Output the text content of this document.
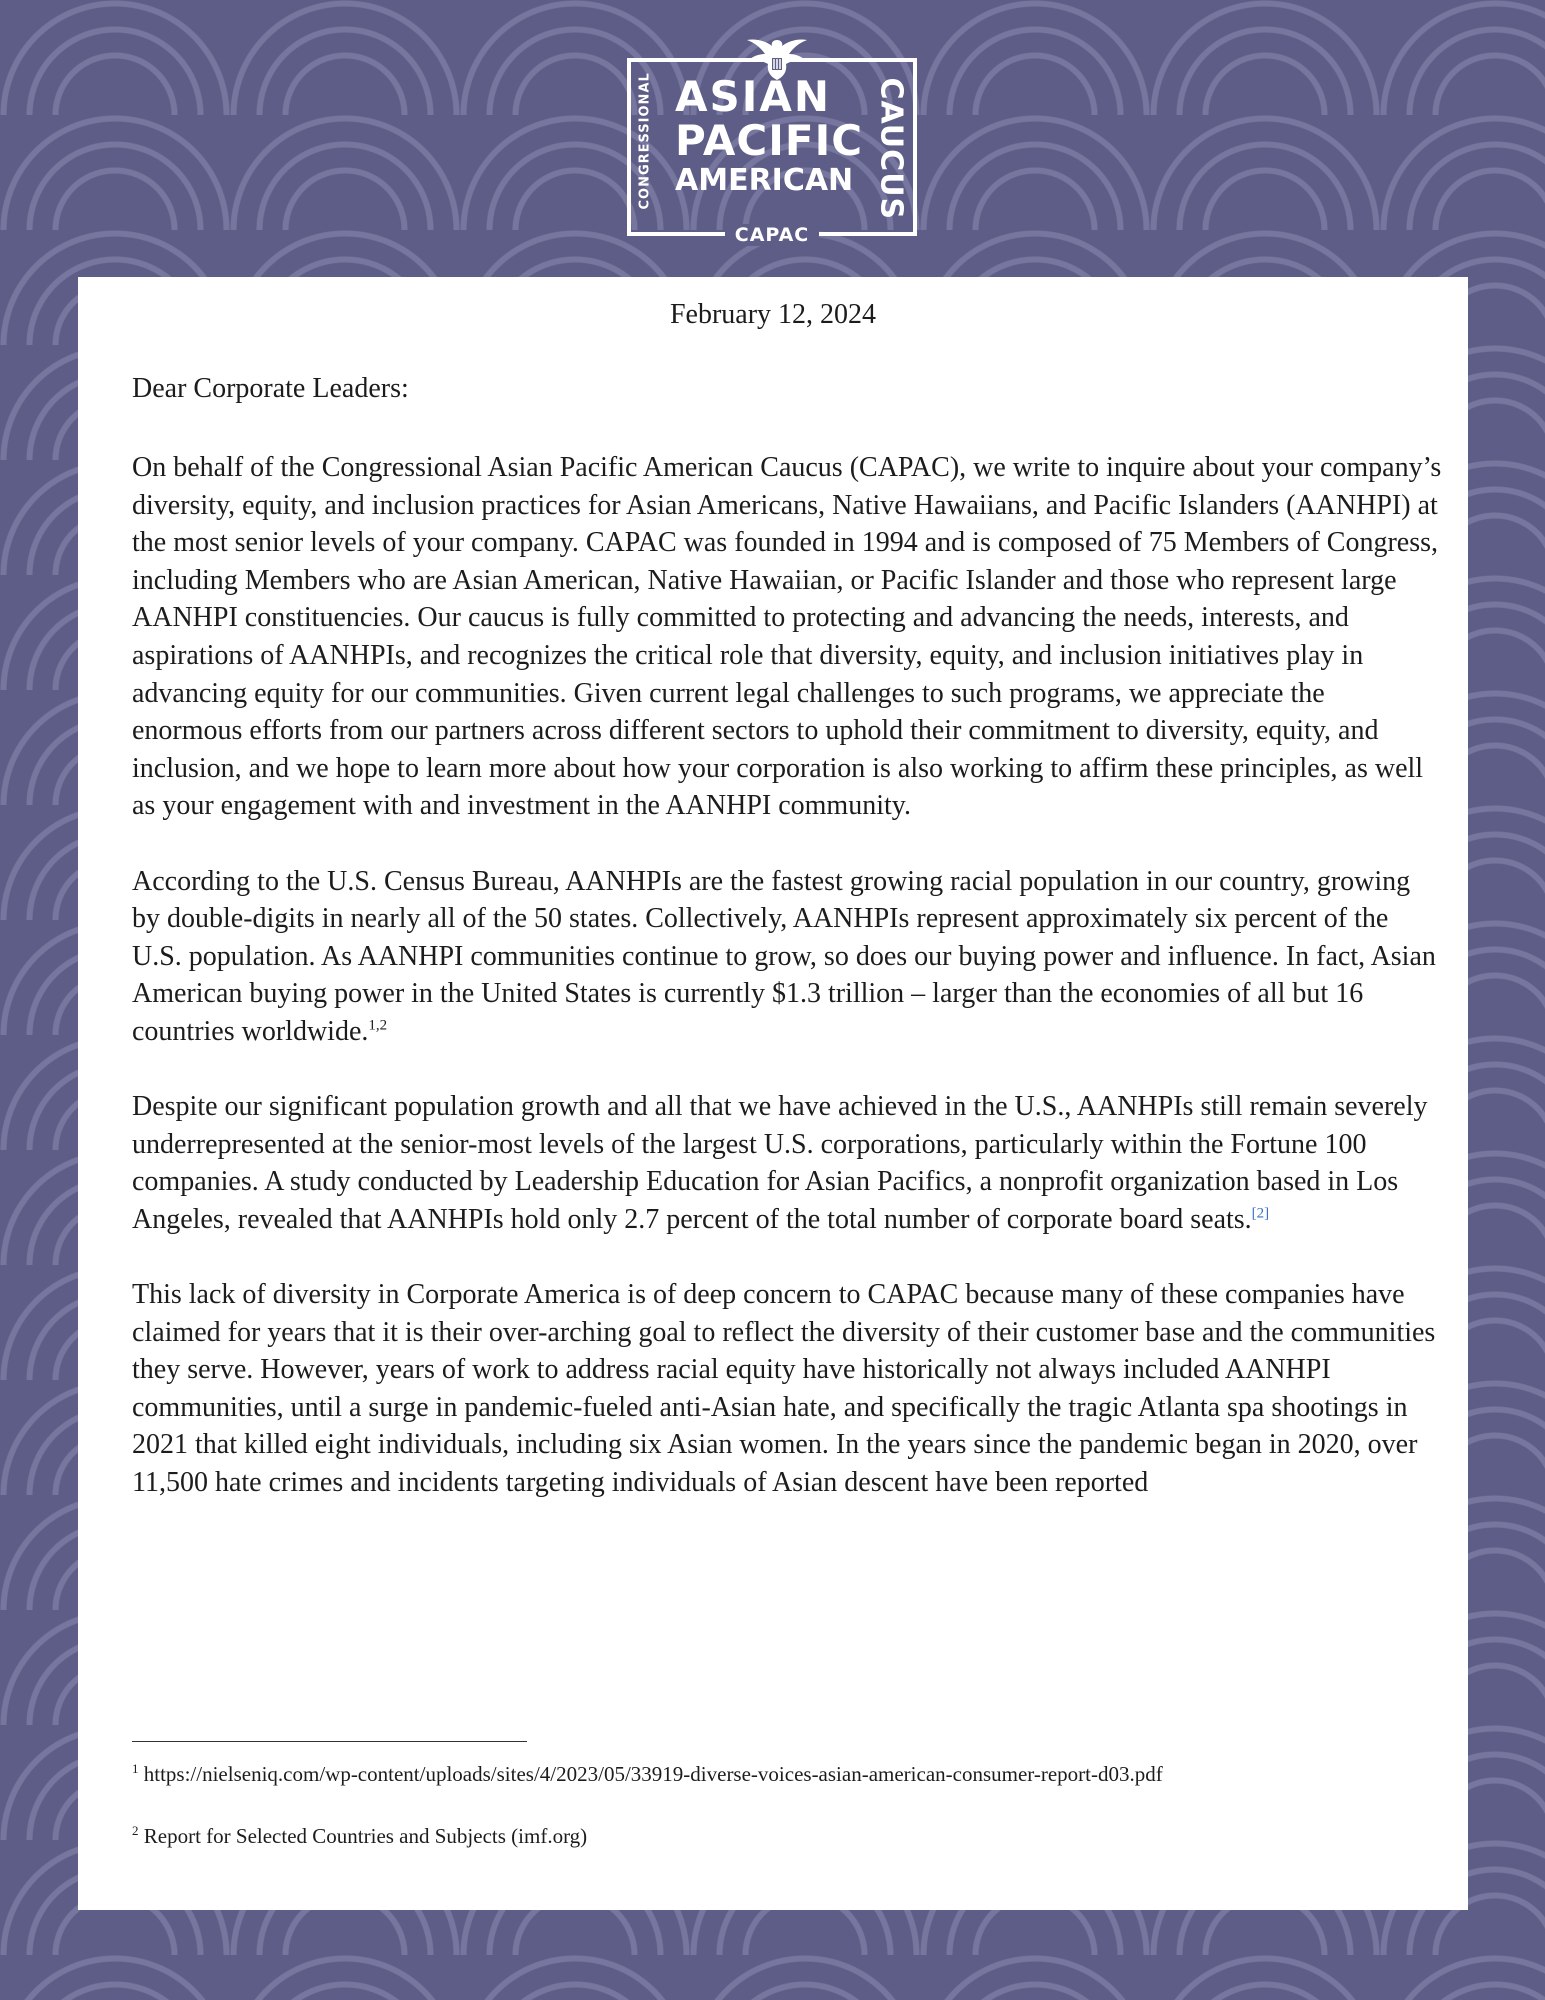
CONGRESSIONAL ASIAN
PACIFIC
AMERICAN CAUCUS
CAPAC
February 12, 2024
Dear Corporate Leaders:

On behalf of the Congressional Asian Pacific American Caucus (CAPAC), we write to inquire about your company’s diversity, equity, and inclusion practices for Asian Americans, Native Hawaiians, and Pacific Islanders (AANHPI) at the most senior levels of your company. CAPAC was founded in 1994 and is composed of 75 Members of Congress, including Members who are Asian American, Native Hawaiian, or Pacific Islander and those who represent large AANHPI constituencies. Our caucus is fully committed to protecting and advancing the needs, interests, and aspirations of AANHPIs, and recognizes the critical role that diversity, equity, and inclusion initiatives play in advancing equity for our communities. Given current legal challenges to such programs, we appreciate the enormous efforts from our partners across different sectors to uphold their commitment to diversity, equity, and inclusion, and we hope to learn more about how your corporation is also working to affirm these principles, as well as your engagement with and investment in the AANHPI community.

According to the U.S. Census Bureau, AANHPIs are the fastest growing racial population in our country, growing by double-digits in nearly all of the 50 states. Collectively, AANHPIs represent approximately six percent of the U.S. population. As AANHPI communities continue to grow, so does our buying power and influence. In fact, Asian American buying power in the United States is currently $1.3 trillion – larger than the economies of all but 16 countries worldwide.$^{1,2}$

Despite our significant population growth and all that we have achieved in the U.S., AANHPIs still remain severely underrepresented at the senior-most levels of the largest U.S. corporations, particularly within the Fortune 100 companies. A study conducted by Leadership Education for Asian Pacifics, a nonprofit organization based in Los Angeles, revealed that AANHPIs hold only 2.7 percent of the total number of corporate board seats.[2]

This lack of diversity in Corporate America is of deep concern to CAPAC because many of these companies have claimed for years that it is their over-arching goal to reflect the diversity of their customer base and the communities they serve. However, years of work to address racial equity have historically not always included AANHPI communities, until a surge in pandemic-fueled anti-Asian hate, and specifically the tragic Atlanta spa shootings in 2021 that killed eight individuals, including six Asian women. In the years since the pandemic began in 2020, over 11,500 hate crimes and incidents targeting individuals of Asian descent have been reported

$^1$ https://nielseniq.com/wp-content/uploads/sites/4/2023/05/33919-diverse-voices-asian-american-consumer-report-d03.pdf
$^2$ Report for Selected Countries and Subjects (imf.org)
